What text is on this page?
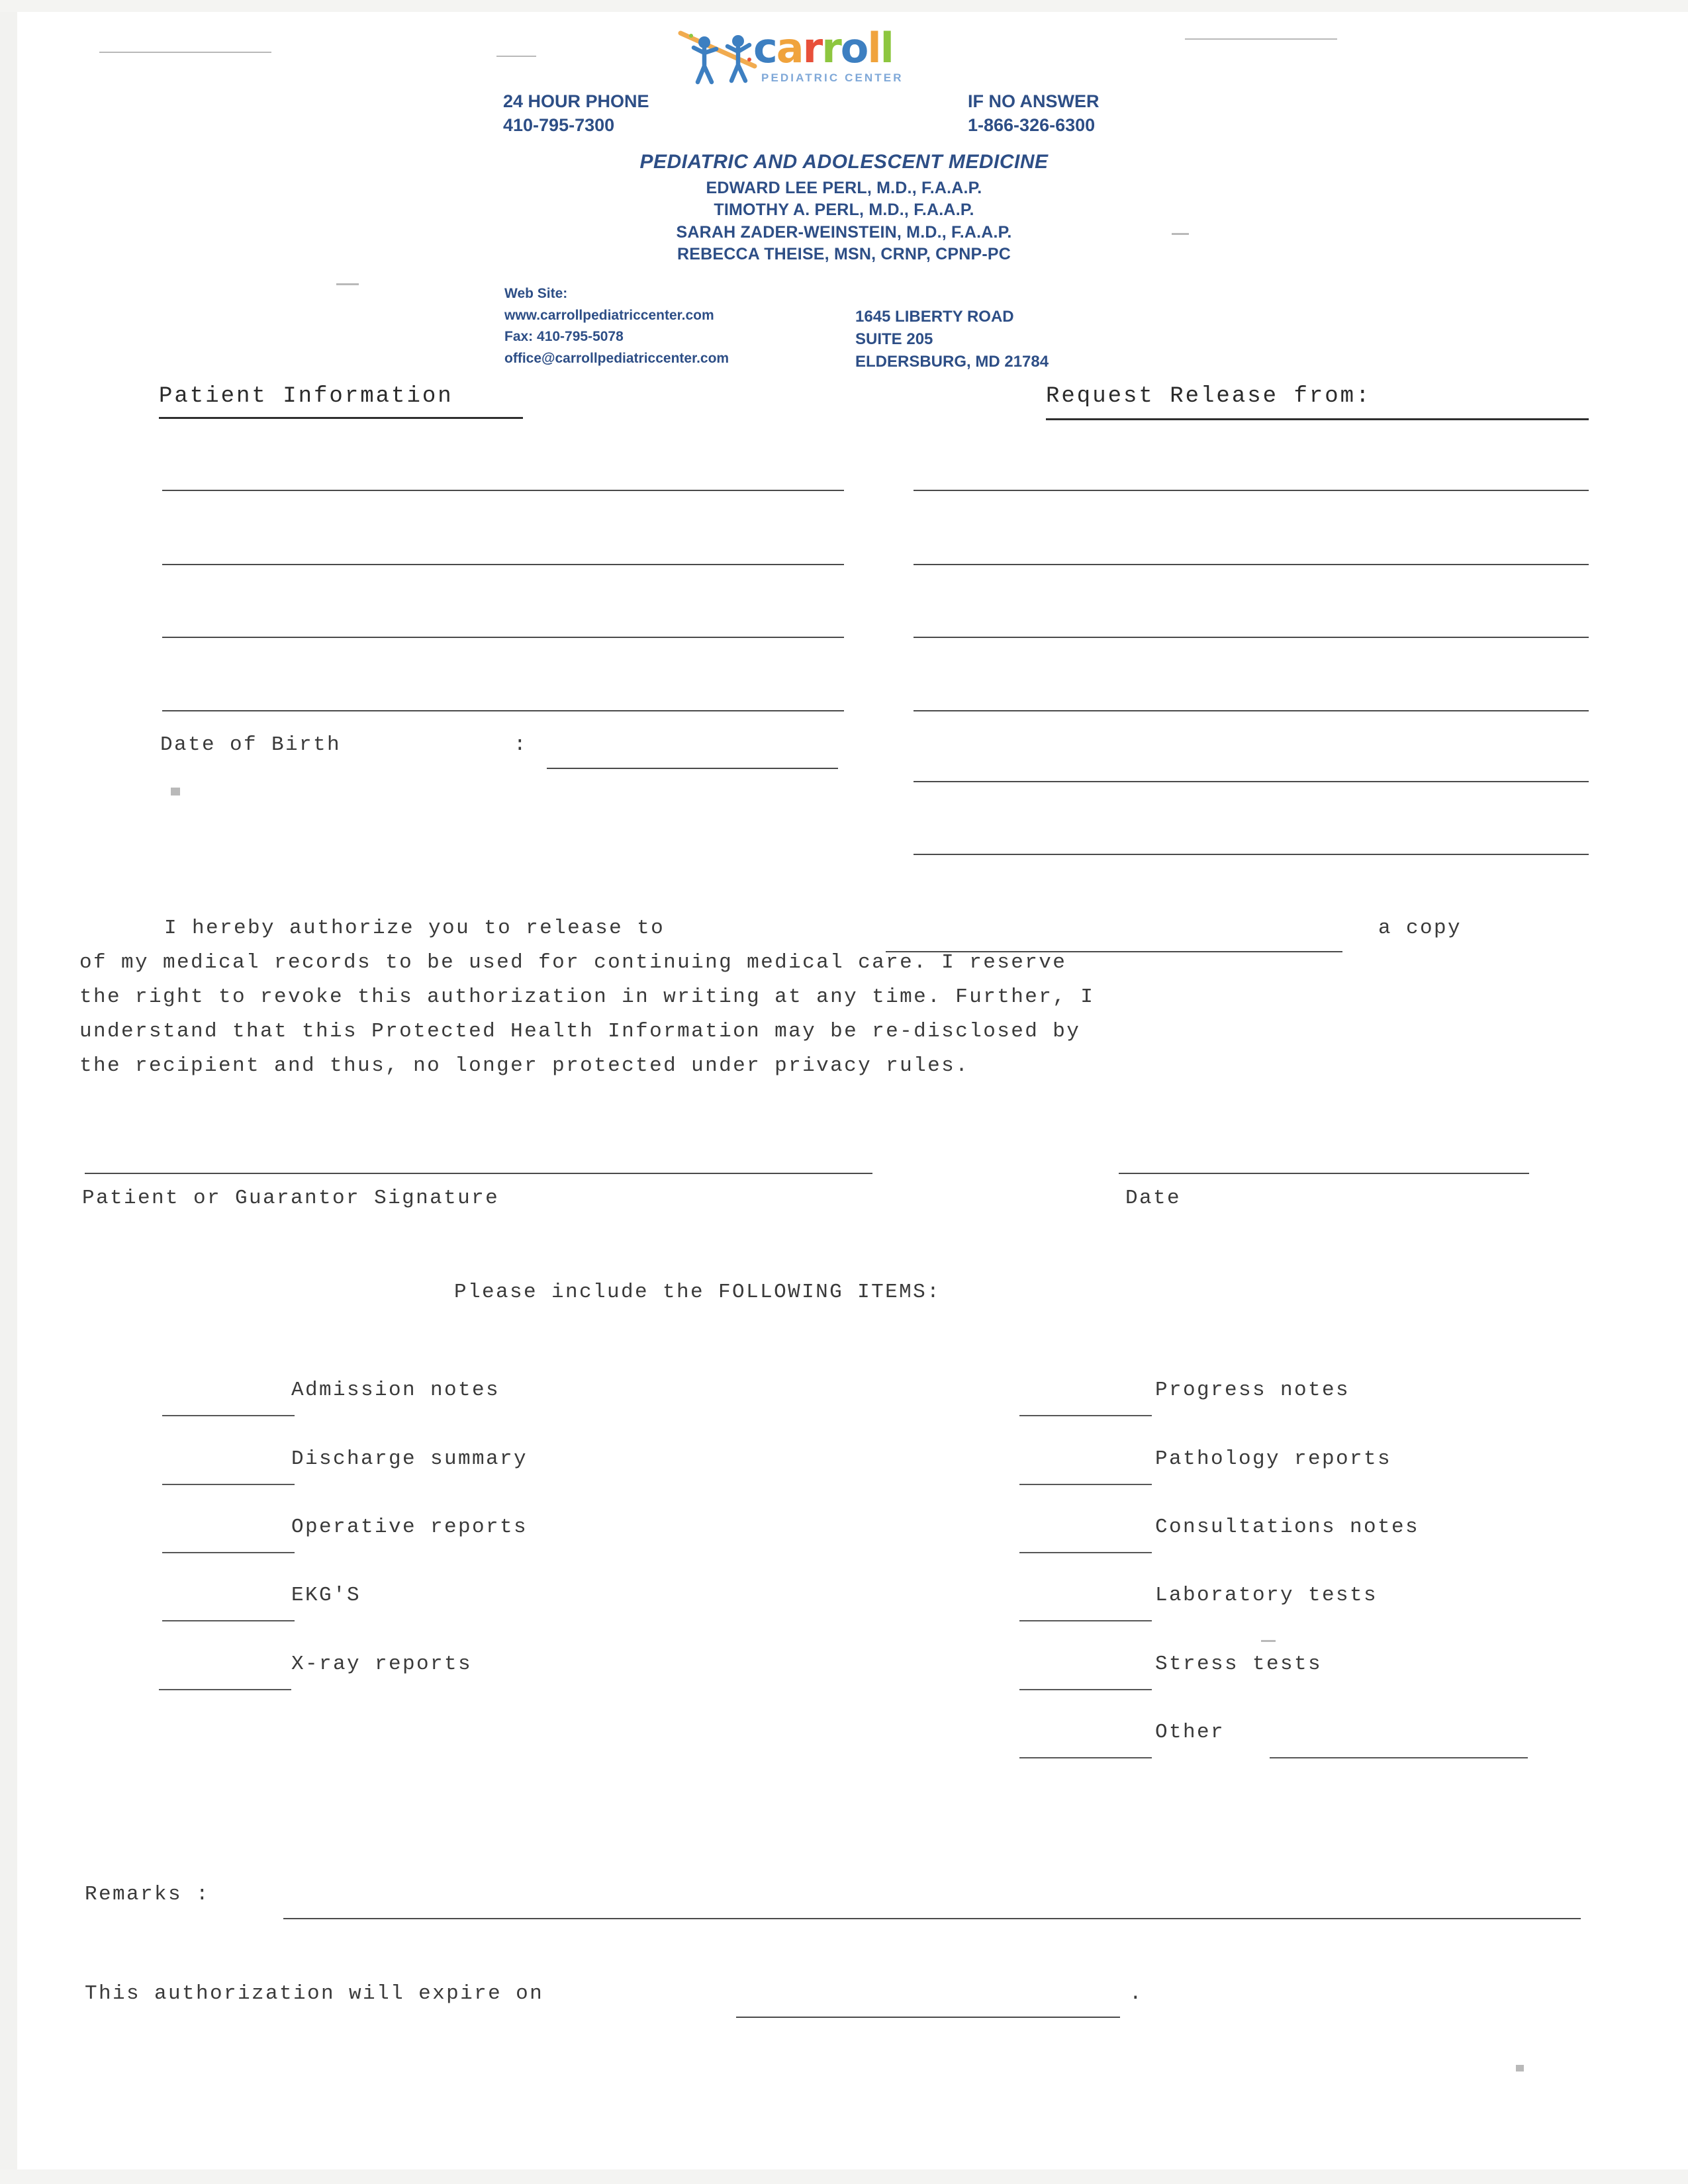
carroll
PEDIATRIC CENTER
24 HOUR PHONE
410-795-7300
IF NO ANSWER
1-866-326-6300
PEDIATRIC AND ADOLESCENT MEDICINE
EDWARD LEE PERL, M.D., F.A.A.P.
TIMOTHY A. PERL, M.D., F.A.A.P.
SARAH ZADER-WEINSTEIN, M.D., F.A.A.P.
REBECCA THEISE, MSN, CRNP, CPNP-PC
Web Site:
www.carrollpediatriccenter.com
Fax: 410-795-5078
office@carrollpediatriccenter.com
1645 LIBERTY ROAD
SUITE 205
ELDERSBURG, MD 21784
Patient Information	Request Release from:
Date of Birth	:
I hereby authorize you to release to	a copy
of my medical records to be used for continuing medical care. I reserve
the right to revoke this authorization in writing at any time. Further, I
understand that this Protected Health Information may be re-disclosed by
the recipient and thus, no longer protected under privacy rules.
Patient or Guarantor Signature	Date
Please include the FOLLOWING ITEMS:
Admission notes
Discharge summary
Operative reports
EKG'S
X-ray reports
Progress notes
Pathology reports
Consultations notes
Laboratory tests
Stress tests
Other
Remarks :
This authorization will expire on	.
